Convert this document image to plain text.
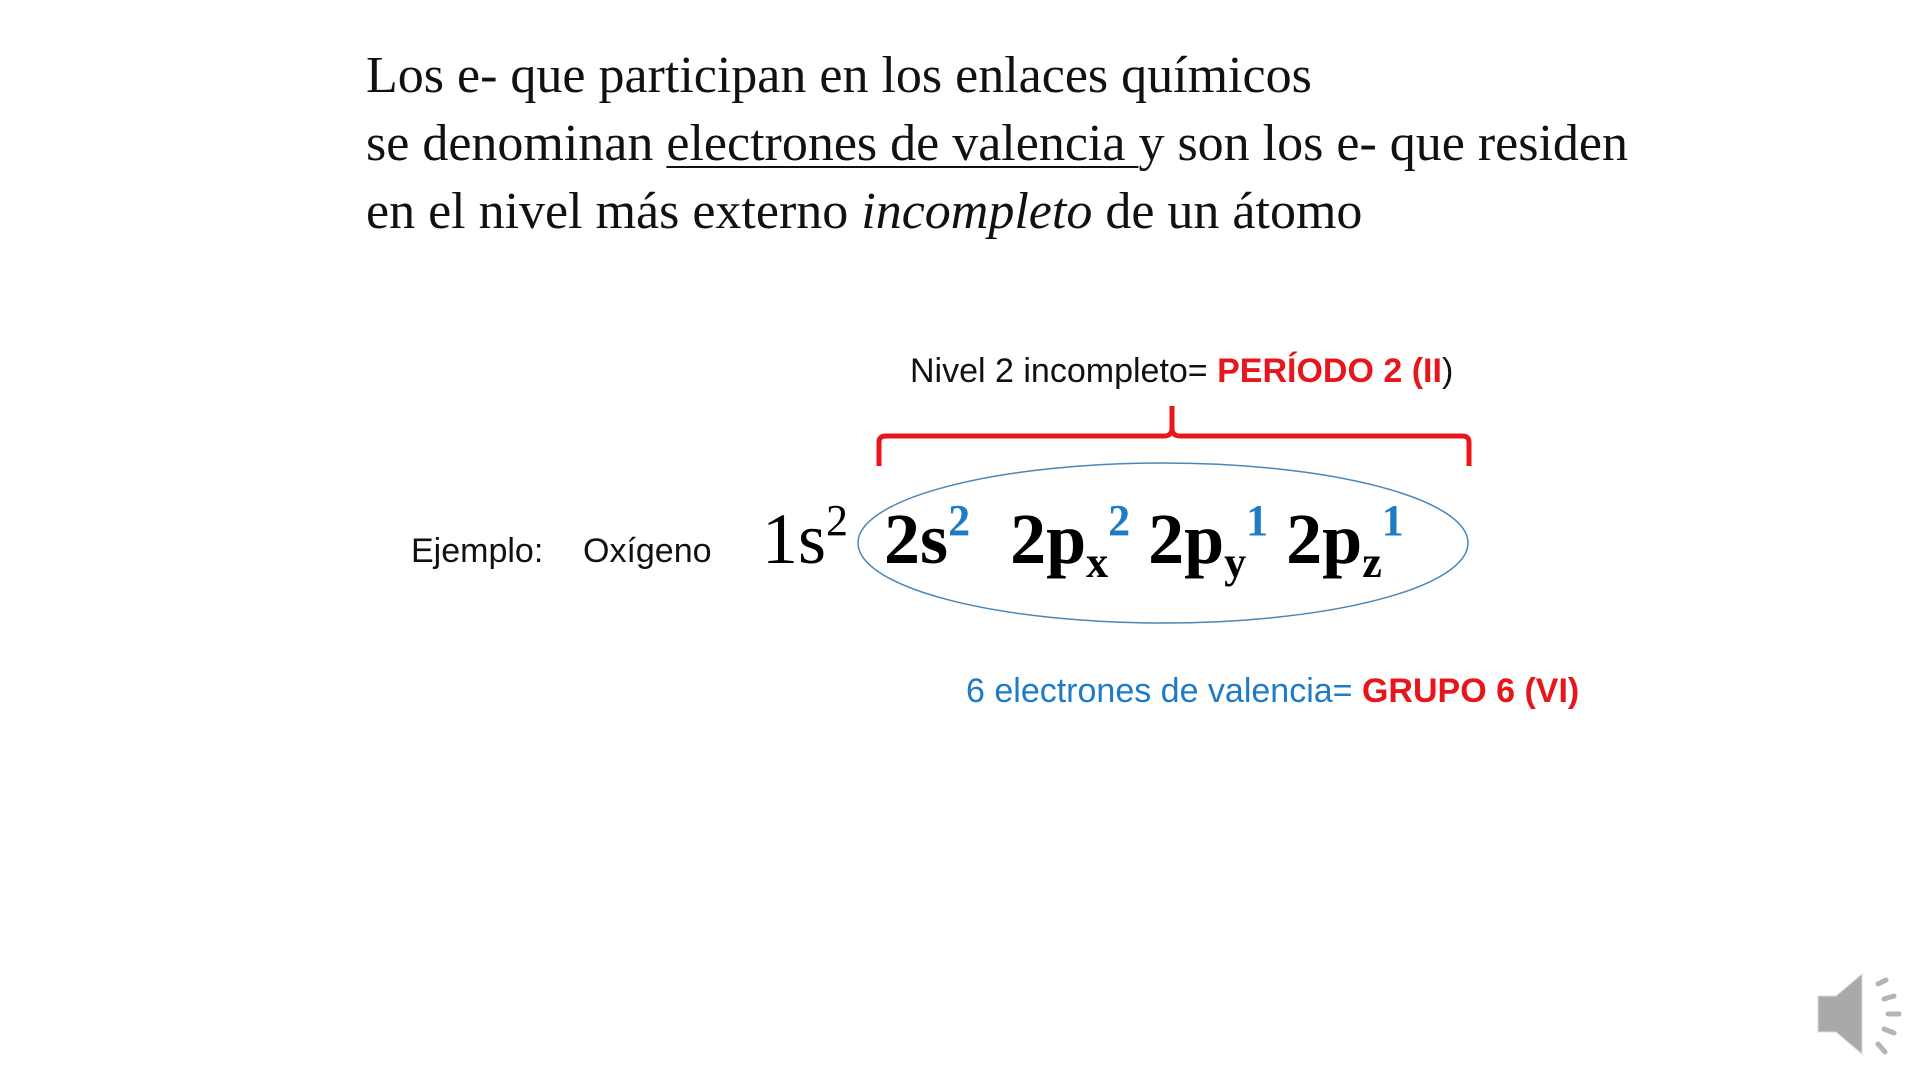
Los e- que participan en los enlaces químicos
se denominan electrones de valencia y son los e- que residen
en el nivel más externo incompleto de un átomo
Nivel 2 incompleto= PERÍODO 2 (II)
Ejemplo: Oxígeno $1s^2$ $2s^2$ $2p_x^2$ $2p_y^1$ $2p_z^1$
6 electrones de valencia= GRUPO 6 (VI)
